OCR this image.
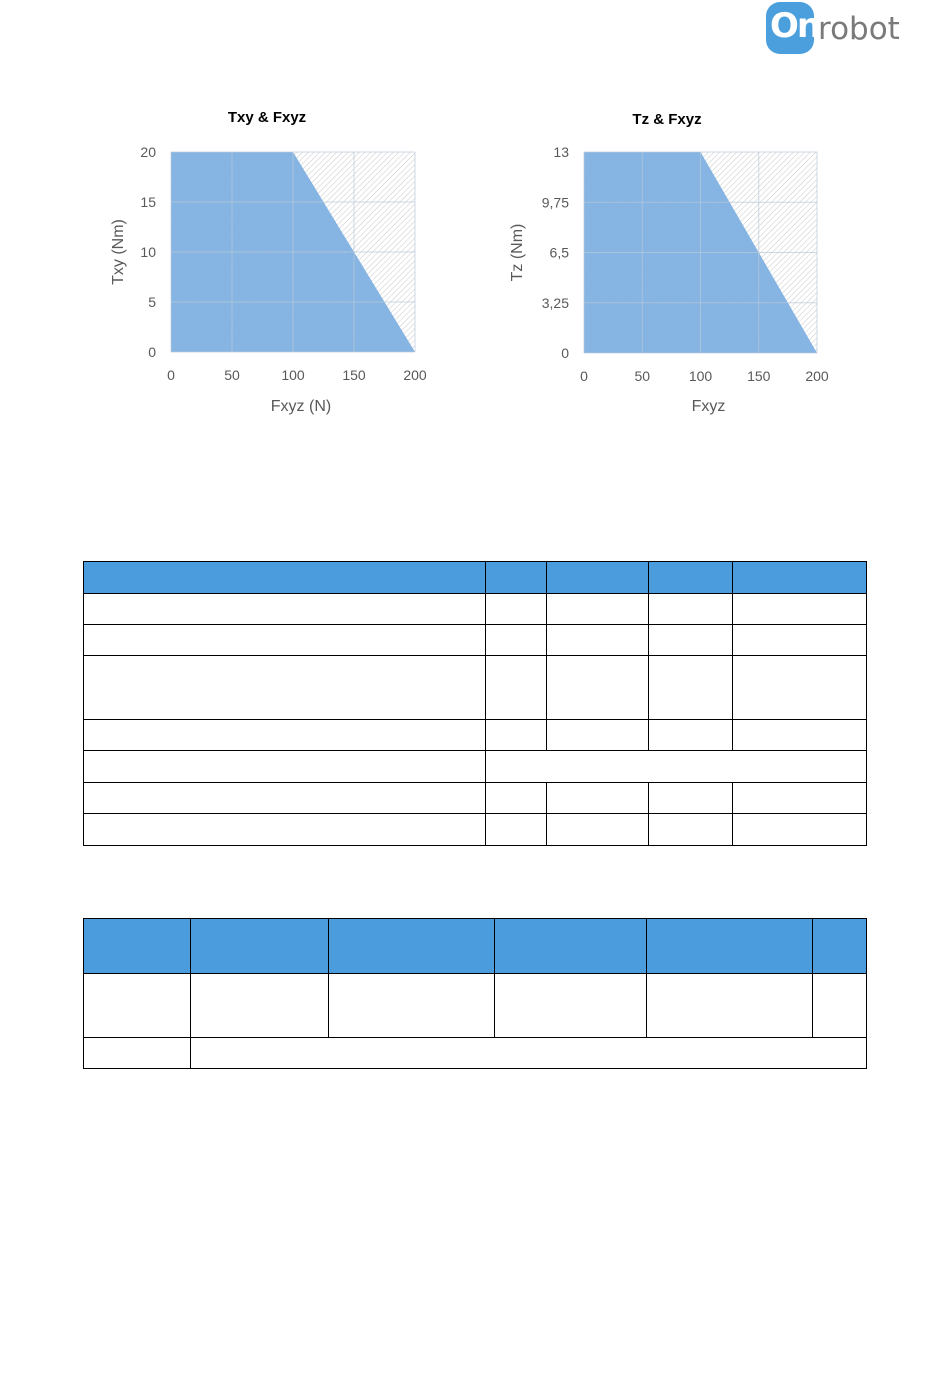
On
robot
0	50	100	150	200
0
5
10
15
20
Txy & Fxyz
Fxyz (N)
Txy (Nm)
0	50	100 150 200
0
3,25
6,5
9,75
13
Tz & Fxyz
Fxyz
Tz (Nm)
